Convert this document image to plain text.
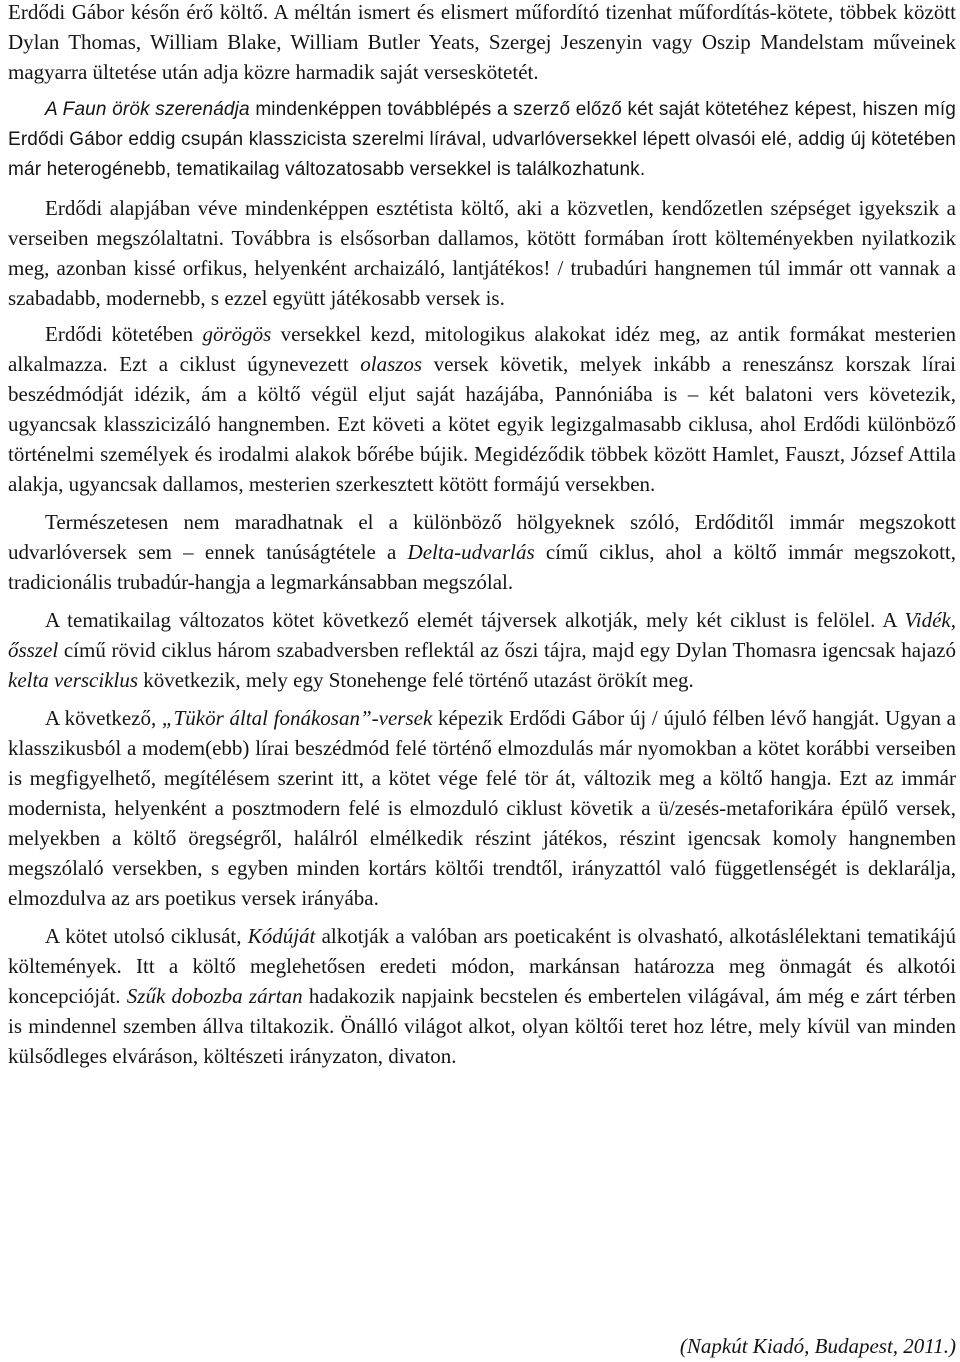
Erdődi Gábor későn érő költő. A méltán ismert és elismert műfordító tizenhat műfordítás-kötete, többek között Dylan Thomas, William Blake, William Butler Yeats, Szergej Jeszenyin vagy Oszip Mandelstam műveinek magyarra ültetése után adja közre harmadik saját verseskötetét.

A Faun örök szerenádja mindenképpen továbblépés a szerző előző két saját kötetéhez képest, hiszen míg Erdődi Gábor eddig csupán klasszicista szerelmi lírával, udvarlóversekkel lépett olvasói elé, addig új kötetében már heterogénebb, tematikailag változatosabb versekkel is találkozhatunk.

Erdődi alapjában véve mindenképpen esztétista költő, aki a közvetlen, kendőzetlen szépséget igyekszik a verseiben megszólaltatni. Továbbra is elsősorban dallamos, kötött formában írott költeményekben nyilatkozik meg, azonban kissé orfikus, helyenként archaizáló, lantjátékos! / trubadúri hangnemen túl immár ott vannak a szabadabb, modernebb, s ezzel együtt játékosabb versek is.

Erdődi kötetében görögös versekkel kezd, mitologikus alakokat idéz meg, az antik formákat mesterien alkalmazza. Ezt a ciklust úgynevezett olaszos versek követik, melyek inkább a reneszánsz korszak lírai beszédmódját idézik, ám a költő végül eljut saját hazájába, Pannóniába is – két balatoni vers követezik, ugyancsak klasszicizáló hangnemben. Ezt követi a kötet egyik legizgalmasabb ciklusa, ahol Erdődi különböző történelmi személyek és irodalmi alakok bőrébe bújik. Megidéződik többek között Hamlet, Fauszt, József Attila alakja, ugyancsak dallamos, mesterien szerkesztett kötött formájú versekben.

Természetesen nem maradhatnak el a különböző hölgyeknek szóló, Erdőditől immár megszokott udvarlóversek sem – ennek tanúságtétele a Delta-udvarlás című ciklus, ahol a költő immár megszokott, tradicionális trubadúr-hangja a legmarkánsabban megszólal.

A tematikailag változatos kötet következő elemét tájversek alkotják, mely két ciklust is felölel. A Vidék, ősszel című rövid ciklus három szabadversben reflektál az őszi tájra, majd egy Dylan Thomasra igencsak hajazó kelta versciklus következik, mely egy Stonehenge felé történő utazást örökít meg.

A következő, „Tükör által fonákosan”-versek képezik Erdődi Gábor új / újuló félben lévő hangját. Ugyan a klasszikusból a modem(ebb) lírai beszédmód felé történő elmozdulás már nyomokban a kötet korábbi verseiben is megfigyelhető, megítélésem szerint itt, a kötet vége felé tör át, változik meg a költő hangja. Ezt az immár modernista, helyenként a posztmodern felé is elmozduló ciklust követik a ü/zesés-metaforikára épülő versek, melyekben a költő öregségről, halálról elmélkedik részint játékos, részint igencsak komoly hangnemben megszólaló versekben, s egyben minden kortárs költői trendtől, irányzattól való függetlenségét is deklarálja, elmozdulva az ars poetikus versek irányába.

A kötet utolsó ciklusát, Kódúját alkotják a valóban ars poeticaként is olvasható, alkotáslélektani tematikájú költemények. Itt a költő meglehetősen eredeti módon, markánsan határozza meg önmagát és alkotói koncepcióját. Szűk dobozba zártan hadakozik napjaink becstelen és embertelen világával, ám még e zárt térben is mindennel szemben állva tiltakozik. Önálló világot alkot, olyan költői teret hoz létre, mely kívül van minden külsődleges elváráson, költészeti irányzaton, divaton.

(Napkút Kiadó, Budapest, 2011.)
